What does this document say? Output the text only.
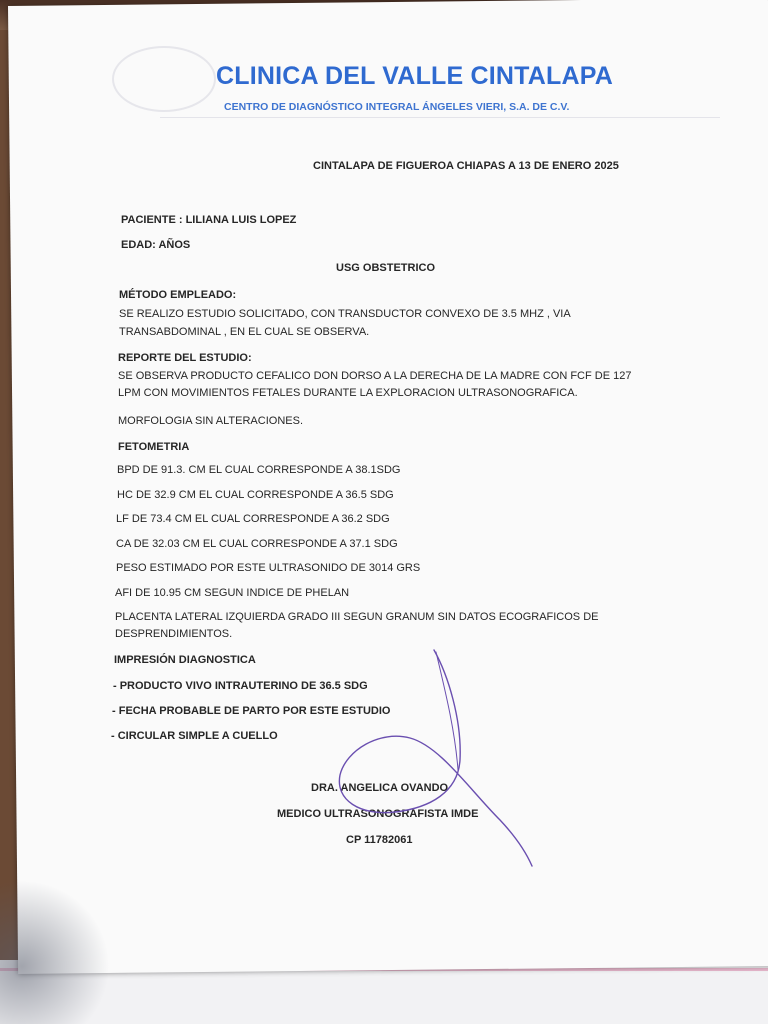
CLINICA DEL VALLE CINTALAPA
CENTRO DE DIAGNÓSTICO INTEGRAL ÁNGELES VIERI, S.A. DE C.V.
CINTALAPA DE FIGUEROA CHIAPAS A 13 DE ENERO 2025
PACIENTE : LILIANA LUIS LOPEZ
EDAD: AÑOS
USG OBSTETRICO
MÉTODO EMPLEADO:
SE REALIZO ESTUDIO SOLICITADO, CON TRANSDUCTOR CONVEXO DE 3.5 MHZ , VIA
TRANSABDOMINAL , EN EL CUAL SE OBSERVA.
REPORTE DEL ESTUDIO:
SE OBSERVA PRODUCTO CEFALICO DON DORSO A LA DERECHA DE LA MADRE CON FCF DE 127
LPM CON MOVIMIENTOS FETALES DURANTE LA EXPLORACION ULTRASONOGRAFICA.
MORFOLOGIA SIN ALTERACIONES.
FETOMETRIA
BPD DE 91.3. CM EL CUAL CORRESPONDE A 38.1SDG
HC DE 32.9 CM EL CUAL CORRESPONDE A 36.5 SDG
LF DE 73.4 CM EL CUAL CORRESPONDE A 36.2 SDG
CA DE 32.03 CM EL CUAL CORRESPONDE A 37.1 SDG
PESO ESTIMADO POR ESTE ULTRASONIDO DE 3014 GRS
AFI DE 10.95 CM SEGUN INDICE DE PHELAN
PLACENTA LATERAL IZQUIERDA GRADO III SEGUN GRANUM SIN DATOS ECOGRAFICOS DE
DESPRENDIMIENTOS.
IMPRESIÓN DIAGNOSTICA
- PRODUCTO VIVO INTRAUTERINO DE 36.5 SDG
- FECHA PROBABLE DE PARTO POR ESTE ESTUDIO
- CIRCULAR SIMPLE A CUELLO
DRA. ANGELICA OVANDO
MEDICO ULTRASONOGRAFISTA IMDE
CP 11782061
